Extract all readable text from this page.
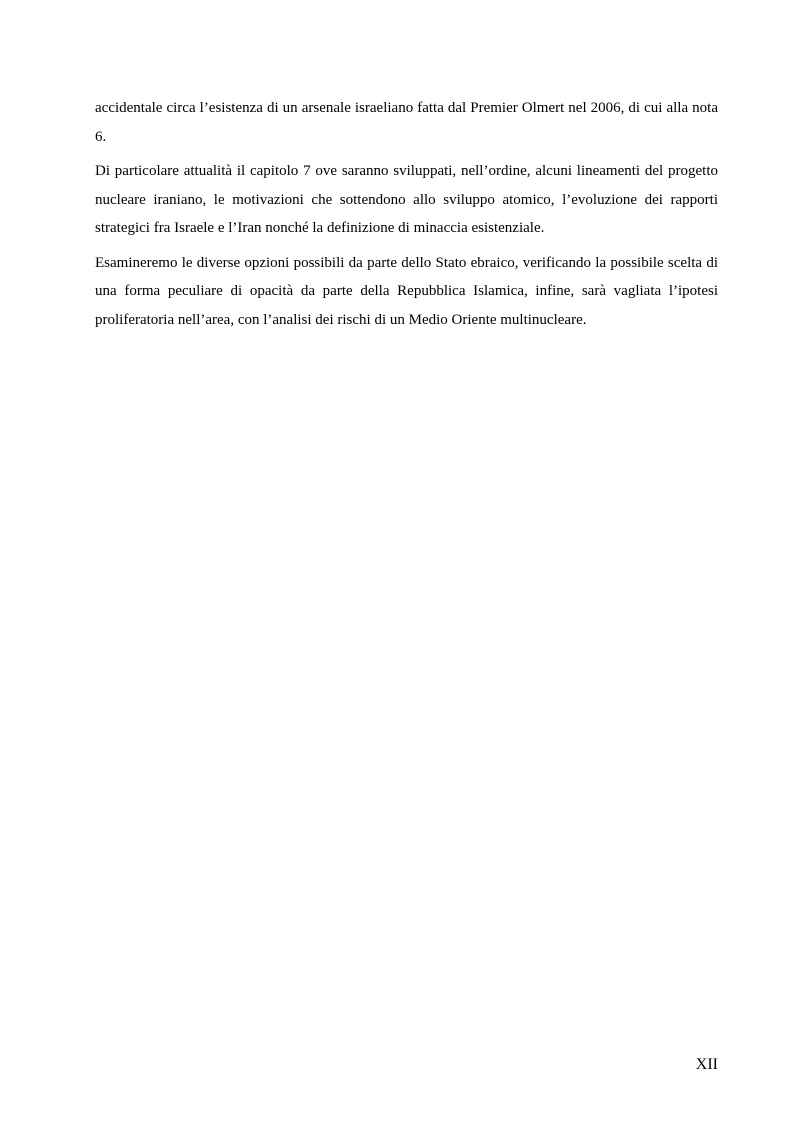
accidentale circa l’esistenza di un arsenale israeliano fatta dal Premier Olmert nel 2006, di cui alla nota 6.

Di particolare attualità il capitolo 7 ove saranno sviluppati, nell’ordine, alcuni lineamenti del progetto nucleare iraniano, le motivazioni che sottendono allo sviluppo atomico, l’evoluzione dei rapporti strategici fra Israele e l’Iran nonché la definizione di minaccia esistenziale.

Esamineremo le diverse opzioni possibili da parte dello Stato ebraico, verificando la possibile scelta di una forma peculiare di opacità da parte della Repubblica Islamica, infine, sarà vagliata l’ipotesi proliferatoria nell’area, con l’analisi dei rischi di un Medio Oriente multinucleare.

XII
